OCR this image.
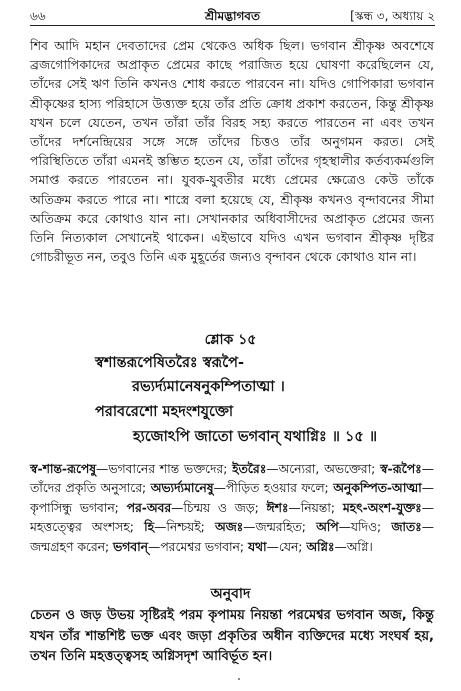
৬৬	শ্রীমদ্ভাগবত	[স্কন্ধ ৩, অধ্যায় ২

শিব আদি মহান দেবতাদের প্রেম থেকেও অধিক ছিল। ভগবান শ্রীকৃষ্ণ অবশেষে ব্রজগোপিকাদের অপ্রাকৃত প্রেমের কাছে পরাজিত হয়ে ঘোষণা করেছিলেন যে, তাঁদের সেই ঋণ তিনি কখনও শোধ করতে পারবেন না। যদিও গোপিকারা ভগবান শ্রীকৃষ্ণের হাস্য পরিহাসে উত্ত্যক্ত হয়ে তাঁর প্রতি ক্রোধ প্রকাশ করতেন, কিন্তু শ্রীকৃষ্ণ যখন চলে যেতেন, তখন তাঁরা তাঁর বিরহ সহ্য করতে পারতেন না এবং তখন তাঁদের দর্শনেন্দ্রিয়ের সঙ্গে সঙ্গে তাঁদের চিত্তও তাঁর অনুগমন করত। সেই পরিস্থিতিতে তাঁরা এমনই স্তম্ভিত হতেন যে, তাঁরা তাঁদের গৃহস্থালীর কর্তব্যকর্মগুলি সমাপ্ত করতে পারতেন না। যুবক-যুবতীর মধ্যে প্রেমের ক্ষেত্রেও কেউ তাঁকে অতিক্রম করতে পারে না। শাস্ত্রে বলা হয়েছে যে, শ্রীকৃষ্ণ কখনও বৃন্দাবনের সীমা অতিক্রম করে কোথাও যান না। সেখানকার অধিবাসীদের অপ্রাকৃত প্রেমের জন্য তিনি নিত্যকাল সেখানেই থাকেন। এইভাবে যদিও এখন ভগবান শ্রীকৃষ্ণ দৃষ্টির গোচরীভূত নন, তবুও তিনি এক মুহূর্তের জন্যও বৃন্দাবন থেকে কোথাও যান না।

শ্লোক ১৫
স্বশান্তরূপেষিতরৈঃ স্বরূপৈ-
রভ্যর্দ্যমানেষনুকম্পিতাত্মা ।
পরাবরেশো মহদংশযুক্তো
হ্যজোঽপি জাতো ভগবান্ যথাগ্নিঃ ॥ ১৫ ॥

স্ব-শান্ত-রূপেষু—ভগবানের শান্ত ভক্তদের; ইতরৈঃ—অন্যেরা, অভক্তেরা; স্ব-রূপৈঃ—তাঁদের প্রকৃতি অনুসারে; অভ্যর্দ্যমানেষু—পীড়িত হওয়ার ফলে; অনুকম্পিত-আত্মা—কৃপাসিন্ধু ভগবান; পর-অবর—চিন্ময় ও জড়; ঈশঃ—নিয়ন্তা; মহৎ-অংশ-যুক্তঃ—মহত্তত্ত্বের অংশসহ; হি—নিশ্চয়ই; অজঃ—জন্মরহিত; অপি—যদিও; জাতঃ—জন্মগ্রহণ করেন; ভগবান্—পরমেশ্বর ভগবান; যথা—যেন; অগ্নিঃ—অগ্নি।

অনুবাদ

চেতন ও জড় উভয় সৃষ্টিরই পরম কৃপাময় নিয়ন্তা পরমেশ্বর ভগবান অজ, কিন্তু যখন তাঁর শান্তশিষ্ট ভক্ত এবং জড়া প্রকৃতির অধীন ব্যক্তিদের মধ্যে সংঘর্ষ হয়, তখন তিনি মহত্তত্ত্বসহ অগ্নিসদৃশ আবির্ভূত হন।
